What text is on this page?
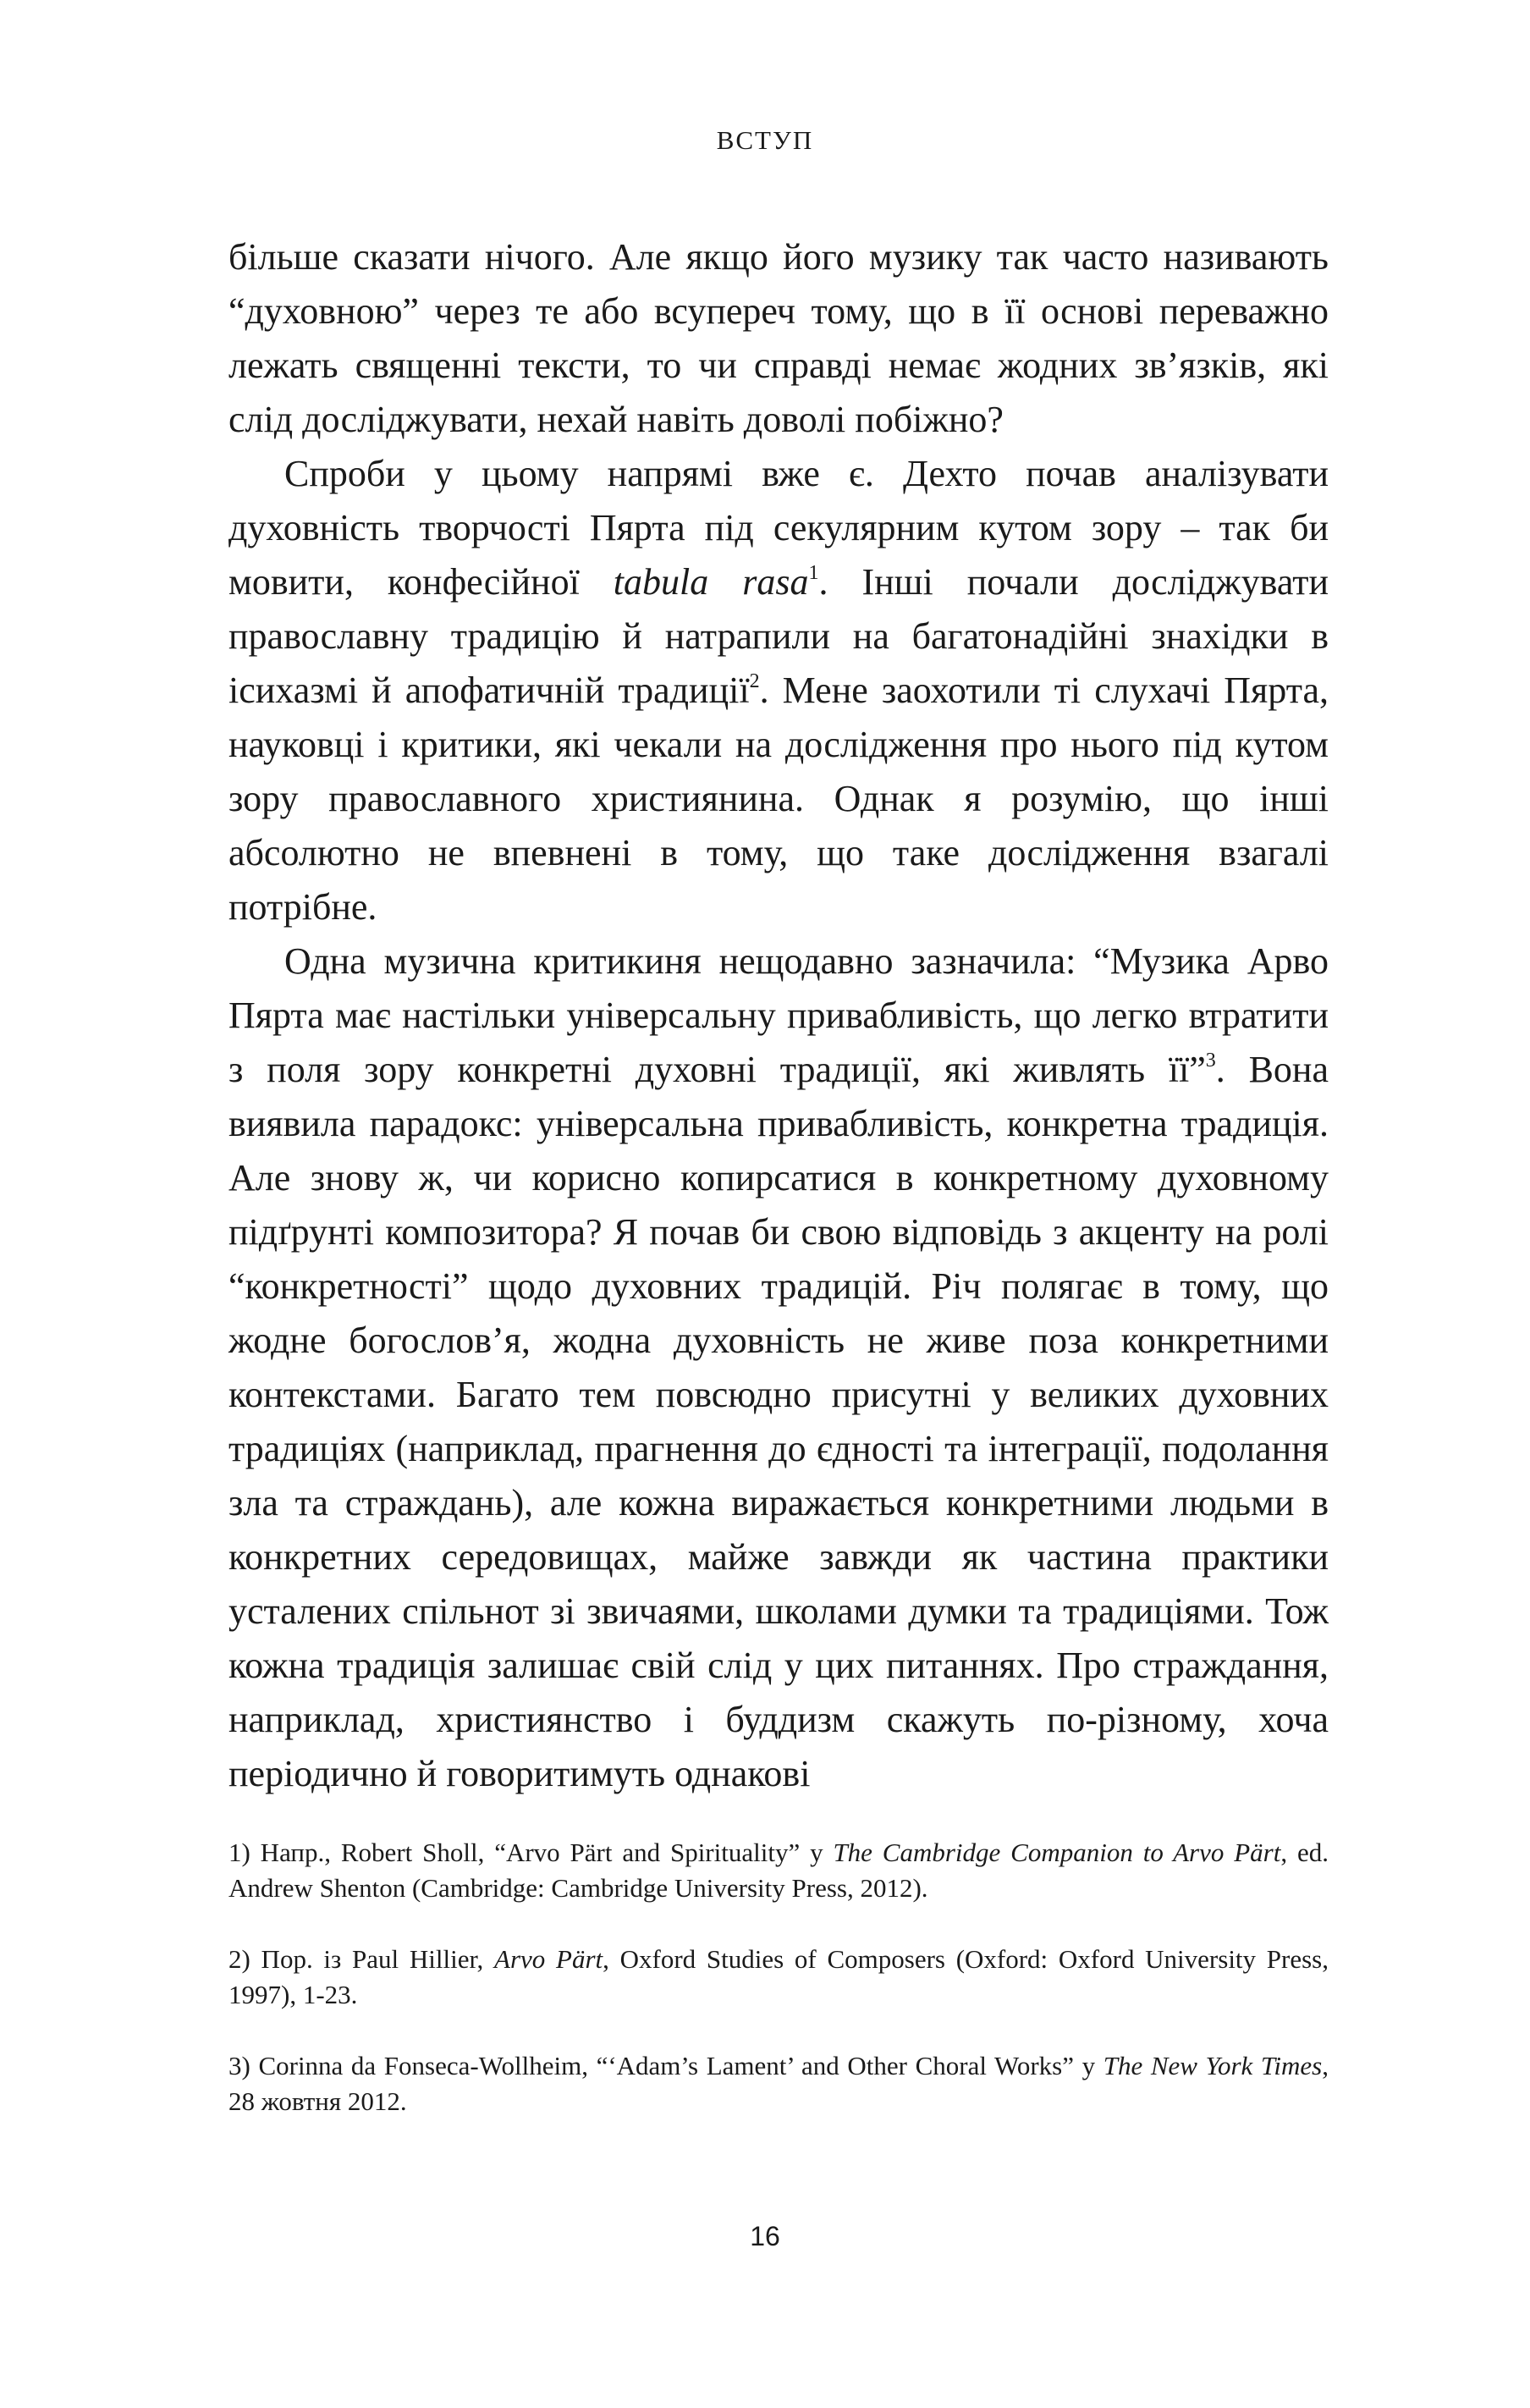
ВСТУП

більше сказати нічого. Але якщо його музику так часто називають “духовною” через те або всупереч тому, що в її основі переважно лежать священні тексти, то чи справді немає жодних зв’язків, які слід досліджувати, нехай навіть доволі побіжно?

Спроби у цьому напрямі вже є. Дехто почав аналізувати духовність творчості Пярта під секулярним кутом зору – так би мовити, конфесійної tabula rasa$^1$. Інші почали досліджувати православну традицію й натрапили на багатонадійні знахідки в ісихазмі й апофатичній традиції$^2$. Мене заохотили ті слухачі Пярта, науковці і критики, які чекали на дослідження про нього під кутом зору православного християнина. Однак я розумію, що інші абсолютно не впевнені в тому, що таке дослідження взагалі потрібне.

Одна музична критикиня нещодавно зазначила: “Музика Арво Пярта має настільки універсальну привабливість, що легко втратити з поля зору конкретні духовні традиції, які живлять її”$^3$. Вона виявила парадокс: універсальна привабливість, конкретна традиція. Але знову ж, чи корисно копирсатися в конкретному духовному підґрунті композитора? Я почав би свою відповідь з акценту на ролі “конкретності” щодо духовних традицій. Річ полягає в тому, що жодне богослов’я, жодна духовність не живе поза конкретними контекстами. Багато тем повсюдно присутні у великих духовних традиціях (наприклад, прагнення до єдності та інтеграції, подолання зла та страждань), але кожна виражається конкретними людьми в конкретних середовищах, майже завжди як частина практики усталених спільнот зі звичаями, школами думки та традиціями. Тож кожна традиція залишає свій слід у цих питаннях. Про страждання, наприклад, християнство і буддизм скажуть по-різному, хоча періодично й говоритимуть однакові

1) Напр., Robert Sholl, “Arvo Pärt and Spirituality” у The Cambridge Companion to Arvo Pärt, ed. Andrew Shenton (Cambridge: Cambridge University Press, 2012).

2) Пор. із Paul Hillier, Arvo Pärt, Oxford Studies of Composers (Oxford: Oxford University Press, 1997), 1-23.

3) Corinna da Fonseca-Wollheim, “‘Adam’s Lament’ and Other Choral Works” у The New York Times, 28 жовтня 2012.

16
